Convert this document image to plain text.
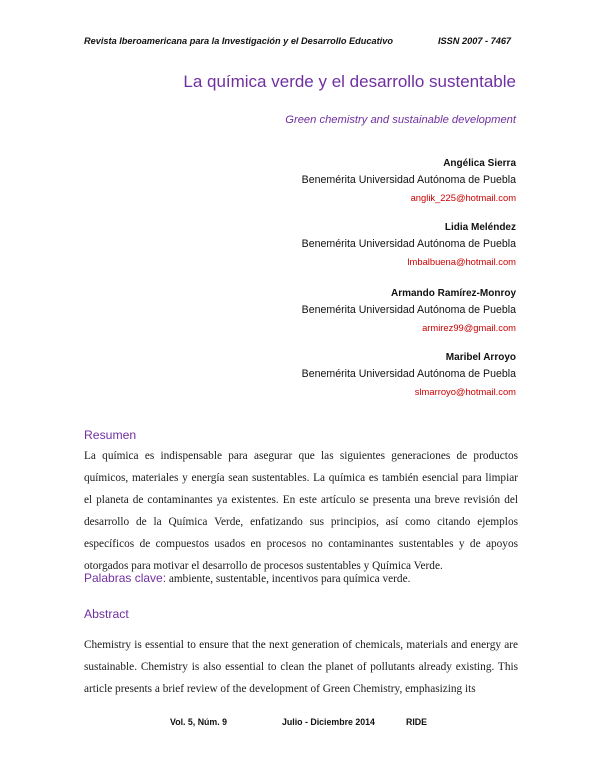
Revista Iberoamericana para la Investigación y el Desarrollo Educativo	ISSN 2007 - 7467
La química verde y el desarrollo sustentable
Green chemistry and sustainable development
Angélica Sierra
Benemérita Universidad Autónoma de Puebla
anglik_225@hotmail.com
Lidia Meléndez
Benemérita Universidad Autónoma de Puebla
lmbalbuena@hotmail.com
Armando Ramírez-Monroy
Benemérita Universidad Autónoma de Puebla
armirez99@gmail.com
Maribel Arroyo
Benemérita Universidad Autónoma de Puebla
slmarroyo@hotmail.com
Resumen
La química es indispensable para asegurar que las siguientes generaciones de productos químicos, materiales y energía sean sustentables. La química es también esencial para limpiar el planeta de contaminantes ya existentes. En este artículo se presenta una breve revisión del desarrollo de la Química Verde, enfatizando sus principios, así como citando ejemplos específicos de compuestos usados en procesos no contaminantes sustentables y de apoyos otorgados para motivar el desarrollo de procesos sustentables y Química Verde.
Palabras clave: ambiente, sustentable, incentivos para química verde.
Abstract
Chemistry is essential to ensure that the next generation of chemicals, materials and energy are sustainable. Chemistry is also essential to clean the planet of pollutants already existing. This article presents a brief review of the development of Green Chemistry, emphasizing its
Vol. 5, Núm. 9	Julio - Diciembre 2014	RIDE
